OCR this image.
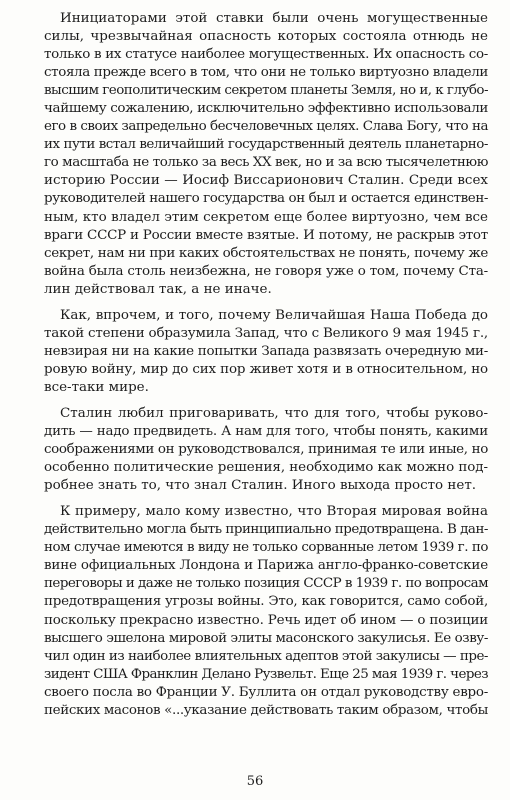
Инициаторами этой ставки были очень могущественные
силы, чрезвычайная опасность которых состояла отнюдь не
только в их статусе наиболее могущественных. Их опасность со-
стояла прежде всего в том, что они не только виртуозно владели
высшим геополитическим секретом планеты Земля, но и, к глубо-
чайшему сожалению, исключительно эффективно использовали
его в своих запредельно бесчеловечных целях. Слава Богу, что на
их пути встал величайший государственный деятель планетарно-
го масштаба не только за весь XX век, но и за всю тысячелетнюю
историю России — Иосиф Виссарионович Сталин. Среди всех
руководителей нашего государства он был и остается единствен-
ным, кто владел этим секретом еще более виртуозно, чем все
враги СССР и России вместе взятые. И потому, не раскрыв этот
секрет, нам ни при каких обстоятельствах не понять, почему же
война была столь неизбежна, не говоря уже о том, почему Ста-
лин действовал так, а не иначе.

Как, впрочем, и того, почему Величайшая Наша Победа до
такой степени образумила Запад, что с Великого 9 мая 1945 г.,
невзирая ни на какие попытки Запада развязать очередную ми-
ровую войну, мир до сих пор живет хотя и в относительном, но
все-таки мире.

Сталин любил приговаривать, что для того, чтобы руково-
дить — надо предвидеть. А нам для того, чтобы понять, какими
соображениями он руководствовался, принимая те или иные, но
особенно политические решения, необходимо как можно под-
робнее знать то, что знал Сталин. Иного выхода просто нет.

К примеру, мало кому известно, что Вторая мировая война
действительно могла быть принципиально предотвращена. В дан-
ном случае имеются в виду не только сорванные летом 1939 г. по
вине официальных Лондона и Парижа англо-франко-советские
переговоры и даже не только позиция СССР в 1939 г. по вопросам
предотвращения угрозы войны. Это, как говорится, само собой,
поскольку прекрасно известно. Речь идет об ином — о позиции
высшего эшелона мировой элиты масонского закулисья. Ее озву-
чил один из наиболее влиятельных адептов этой закулисы — пре-
зидент США Франклин Делано Рузвельт. Еще 25 мая 1939 г. через
своего посла во Франции У. Буллита он отдал руководству евро-
пейских масонов «...указание действовать таким образом, чтобы

56
